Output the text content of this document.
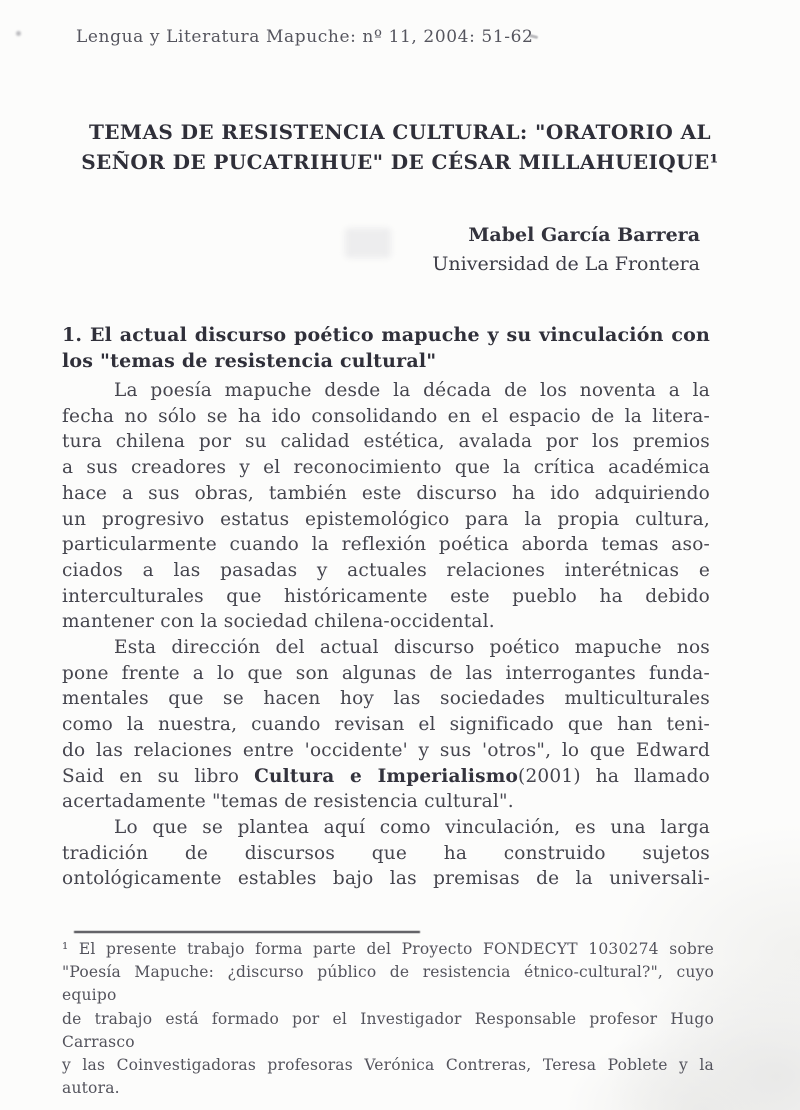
Lengua y Literatura Mapuche: nº 11, 2004: 51-62
TEMAS DE RESISTENCIA CULTURAL: "ORATORIO AL
SEÑOR DE PUCATRIHUE" DE CÉSAR MILLAHUEIQUE¹
Mabel García Barrera
Universidad de La Frontera
1. El actual discurso poético mapuche y su vinculación con
los "temas de resistencia cultural"
La poesía mapuche desde la década de los noventa a la
fecha no sólo se ha ido consolidando en el espacio de la litera-
tura chilena por su calidad estética, avalada por los premios
a sus creadores y el reconocimiento que la crítica académica
hace a sus obras, también este discurso ha ido adquiriendo
un progresivo estatus epistemológico para la propia cultura,
particularmente cuando la reflexión poética aborda temas aso-
ciados a las pasadas y actuales relaciones interétnicas e
interculturales que históricamente este pueblo ha debido
mantener con la sociedad chilena-occidental.
Esta dirección del actual discurso poético mapuche nos
pone frente a lo que son algunas de las interrogantes funda-
mentales que se hacen hoy las sociedades multiculturales
como la nuestra, cuando revisan el significado que han teni-
do las relaciones entre 'occidente' y sus 'otros", lo que Edward
Said en su libro Cultura e Imperialismo(2001) ha llamado
acertadamente "temas de resistencia cultural".
Lo que se plantea aquí como vinculación, es una larga
tradición de discursos que ha construido sujetos
ontológicamente estables bajo las premisas de la universali-
¹ El presente trabajo forma parte del Proyecto FONDECYT 1030274 sobre
"Poesía Mapuche: ¿discurso público de resistencia étnico-cultural?", cuyo equipo
de trabajo está formado por el Investigador Responsable profesor Hugo Carrasco
y las Coinvestigadoras profesoras Verónica Contreras, Teresa Poblete y la autora.
